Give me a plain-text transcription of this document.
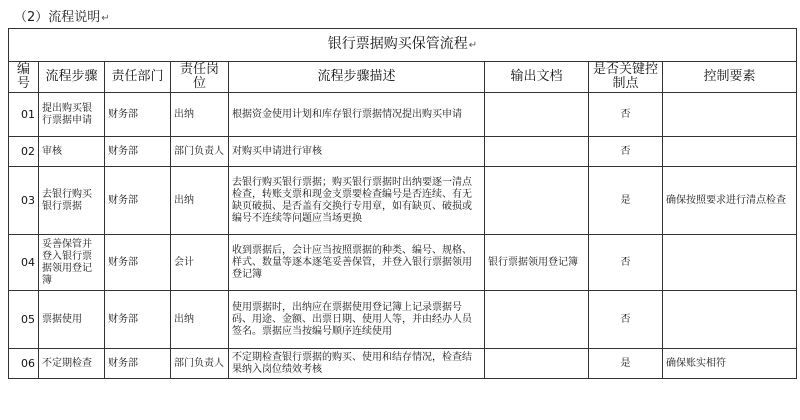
（2）流程说明↵
银行票据购买保管流程↵							
编号	流程步骤	责任部门	责任岗位	流程步骤描述	输出文档	是否关键控制点	控制要素
01	提出购买银行票据申请	财务部	出纳	根据资金使用计划和库存银行票据情况提出购买申请		否	
02	审核	财务部	部门负责人	对购买申请进行审核		否	
03	去银行购买银行票据	财务部	出纳	去银行购买银行票据；购买银行票据时出纳要逐一清点检查，转账支票和现金支票要检查编号是否连续、有无缺页破损、是否盖有交换行专用章，如有缺页、破损或编号不连续等问题应当场更换		是	确保按照要求进行清点检查
04	妥善保管并登入银行票据领用登记簿	财务部	会计	收到票据后，会计应当按照票据的种类、编号、规格、样式、数量等逐本逐笔妥善保管，并登入银行票据领用登记簿	银行票据领用登记簿	否	
05	票据使用	财务部	出纳	使用票据时，出纳应在票据使用登记簿上记录票据号码、用途、金额、出票日期、使用人等，并由经办人员签名。票据应当按编号顺序连续使用		否	
06	不定期检查	财务部	部门负责人	不定期检查银行票据的购买、使用和结存情况，检查结果纳入岗位绩效考核		是	确保账实相符
